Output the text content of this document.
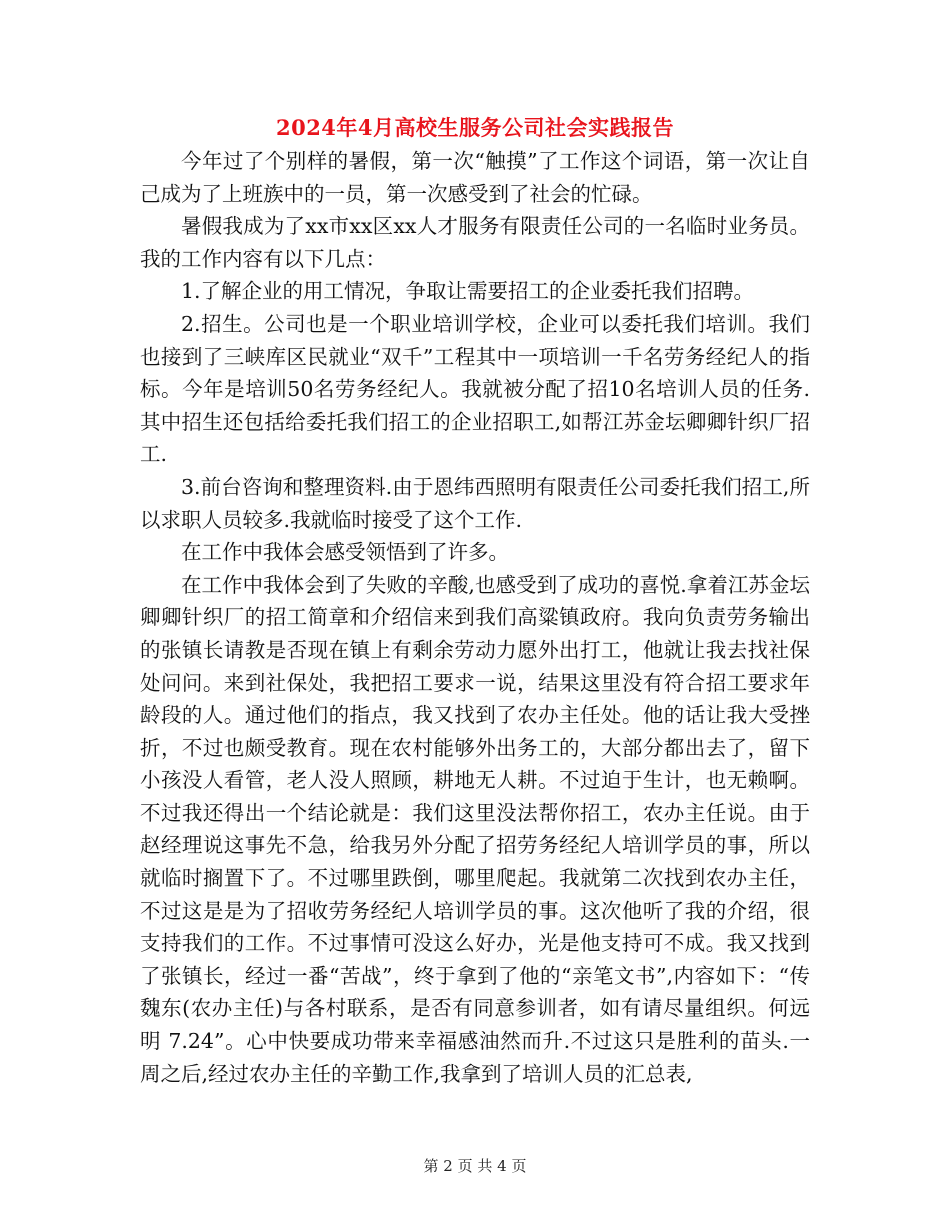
2024年4月高校生服务公司社会实践报告

今年过了个别样的暑假，第一次“触摸”了工作这个词语，第一次让自己成为了上班族中的一员，第一次感受到了社会的忙碌。

暑假我成为了xx市xx区xx人才服务有限责任公司的一名临时业务员。我的工作内容有以下几点：

1.了解企业的用工情况，争取让需要招工的企业委托我们招聘。

2.招生。公司也是一个职业培训学校，企业可以委托我们培训。我们也接到了三峡库区民就业“双千”工程其中一项培训一千名劳务经纪人的指标。今年是培训50名劳务经纪人。我就被分配了招10名培训人员的任务.其中招生还包括给委托我们招工的企业招职工,如帮江苏金坛卿卿针织厂招工.

3.前台咨询和整理资料.由于恩纬西照明有限责任公司委托我们招工,所以求职人员较多.我就临时接受了这个工作.

在工作中我体会感受领悟到了许多。

在工作中我体会到了失败的辛酸,也感受到了成功的喜悦.拿着江苏金坛卿卿针织厂的招工简章和介绍信来到我们高粱镇政府。我向负责劳务输出的张镇长请教是否现在镇上有剩余劳动力愿外出打工，他就让我去找社保处问问。来到社保处，我把招工要求一说，结果这里没有符合招工要求年龄段的人。通过他们的指点，我又找到了农办主任处。他的话让我大受挫折，不过也颇受教育。现在农村能够外出务工的，大部分都出去了，留下小孩没人看管，老人没人照顾，耕地无人耕。不过迫于生计，也无赖啊。不过我还得出一个结论就是：我们这里没法帮你招工，农办主任说。由于赵经理说这事先不急，给我另外分配了招劳务经纪人培训学员的事，所以就临时搁置下了。不过哪里跌倒，哪里爬起。我就第二次找到农办主任，不过这是是为了招收劳务经纪人培训学员的事。这次他听了我的介绍，很支持我们的工作。不过事情可没这么好办，光是他支持可不成。我又找到了张镇长，经过一番“苦战”，终于拿到了他的“亲笔文书”,内容如下：“传魏东(农办主任)与各村联系，是否有同意参训者，如有请尽量组织。何远明 7.24”。心中快要成功带来幸福感油然而升.不过这只是胜利的苗头.一周之后,经过农办主任的辛勤工作,我拿到了培训人员的汇总表,

第 2 页 共 4 页
